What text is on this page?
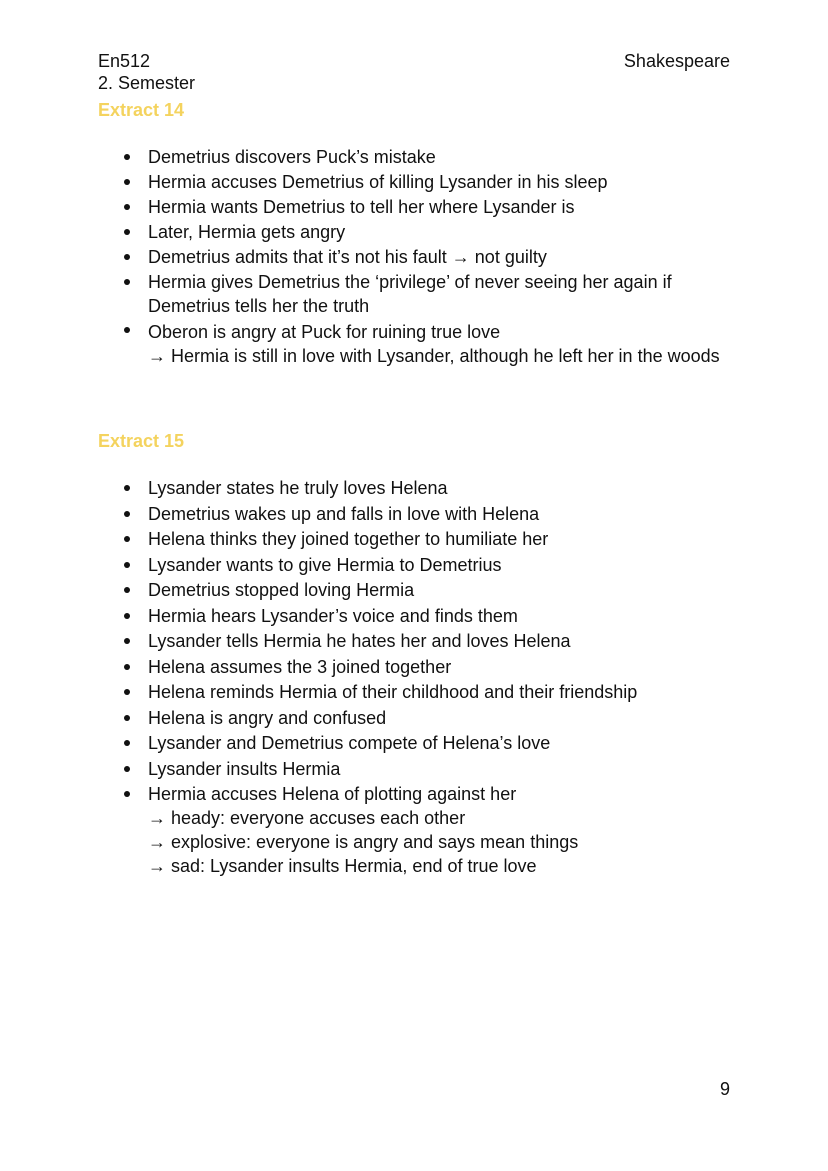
En512
2. Semester
Shakespeare
Extract 14
Demetrius discovers Puck’s mistake
Hermia accuses Demetrius of killing Lysander in his sleep
Hermia wants Demetrius to tell her where Lysander is
Later, Hermia gets angry
Demetrius admits that it’s not his fault → not guilty
Hermia gives Demetrius the ‘privilege’ of never seeing her again if Demetrius tells her the truth
Oberon is angry at Puck for ruining true love
→ Hermia is still in love with Lysander, although he left her in the woods
Extract 15
Lysander states he truly loves Helena
Demetrius wakes up and falls in love with Helena
Helena thinks they joined together to humiliate her
Lysander wants to give Hermia to Demetrius
Demetrius stopped loving Hermia
Hermia hears Lysander’s voice and finds them
Lysander tells Hermia he hates her and loves Helena
Helena assumes the 3 joined together
Helena reminds Hermia of their childhood and their friendship
Helena is angry and confused
Lysander and Demetrius compete of Helena’s love
Lysander insults Hermia
Hermia accuses Helena of plotting against her
→ heady: everyone accuses each other
→ explosive: everyone is angry and says mean things
→ sad: Lysander insults Hermia, end of true love
9
